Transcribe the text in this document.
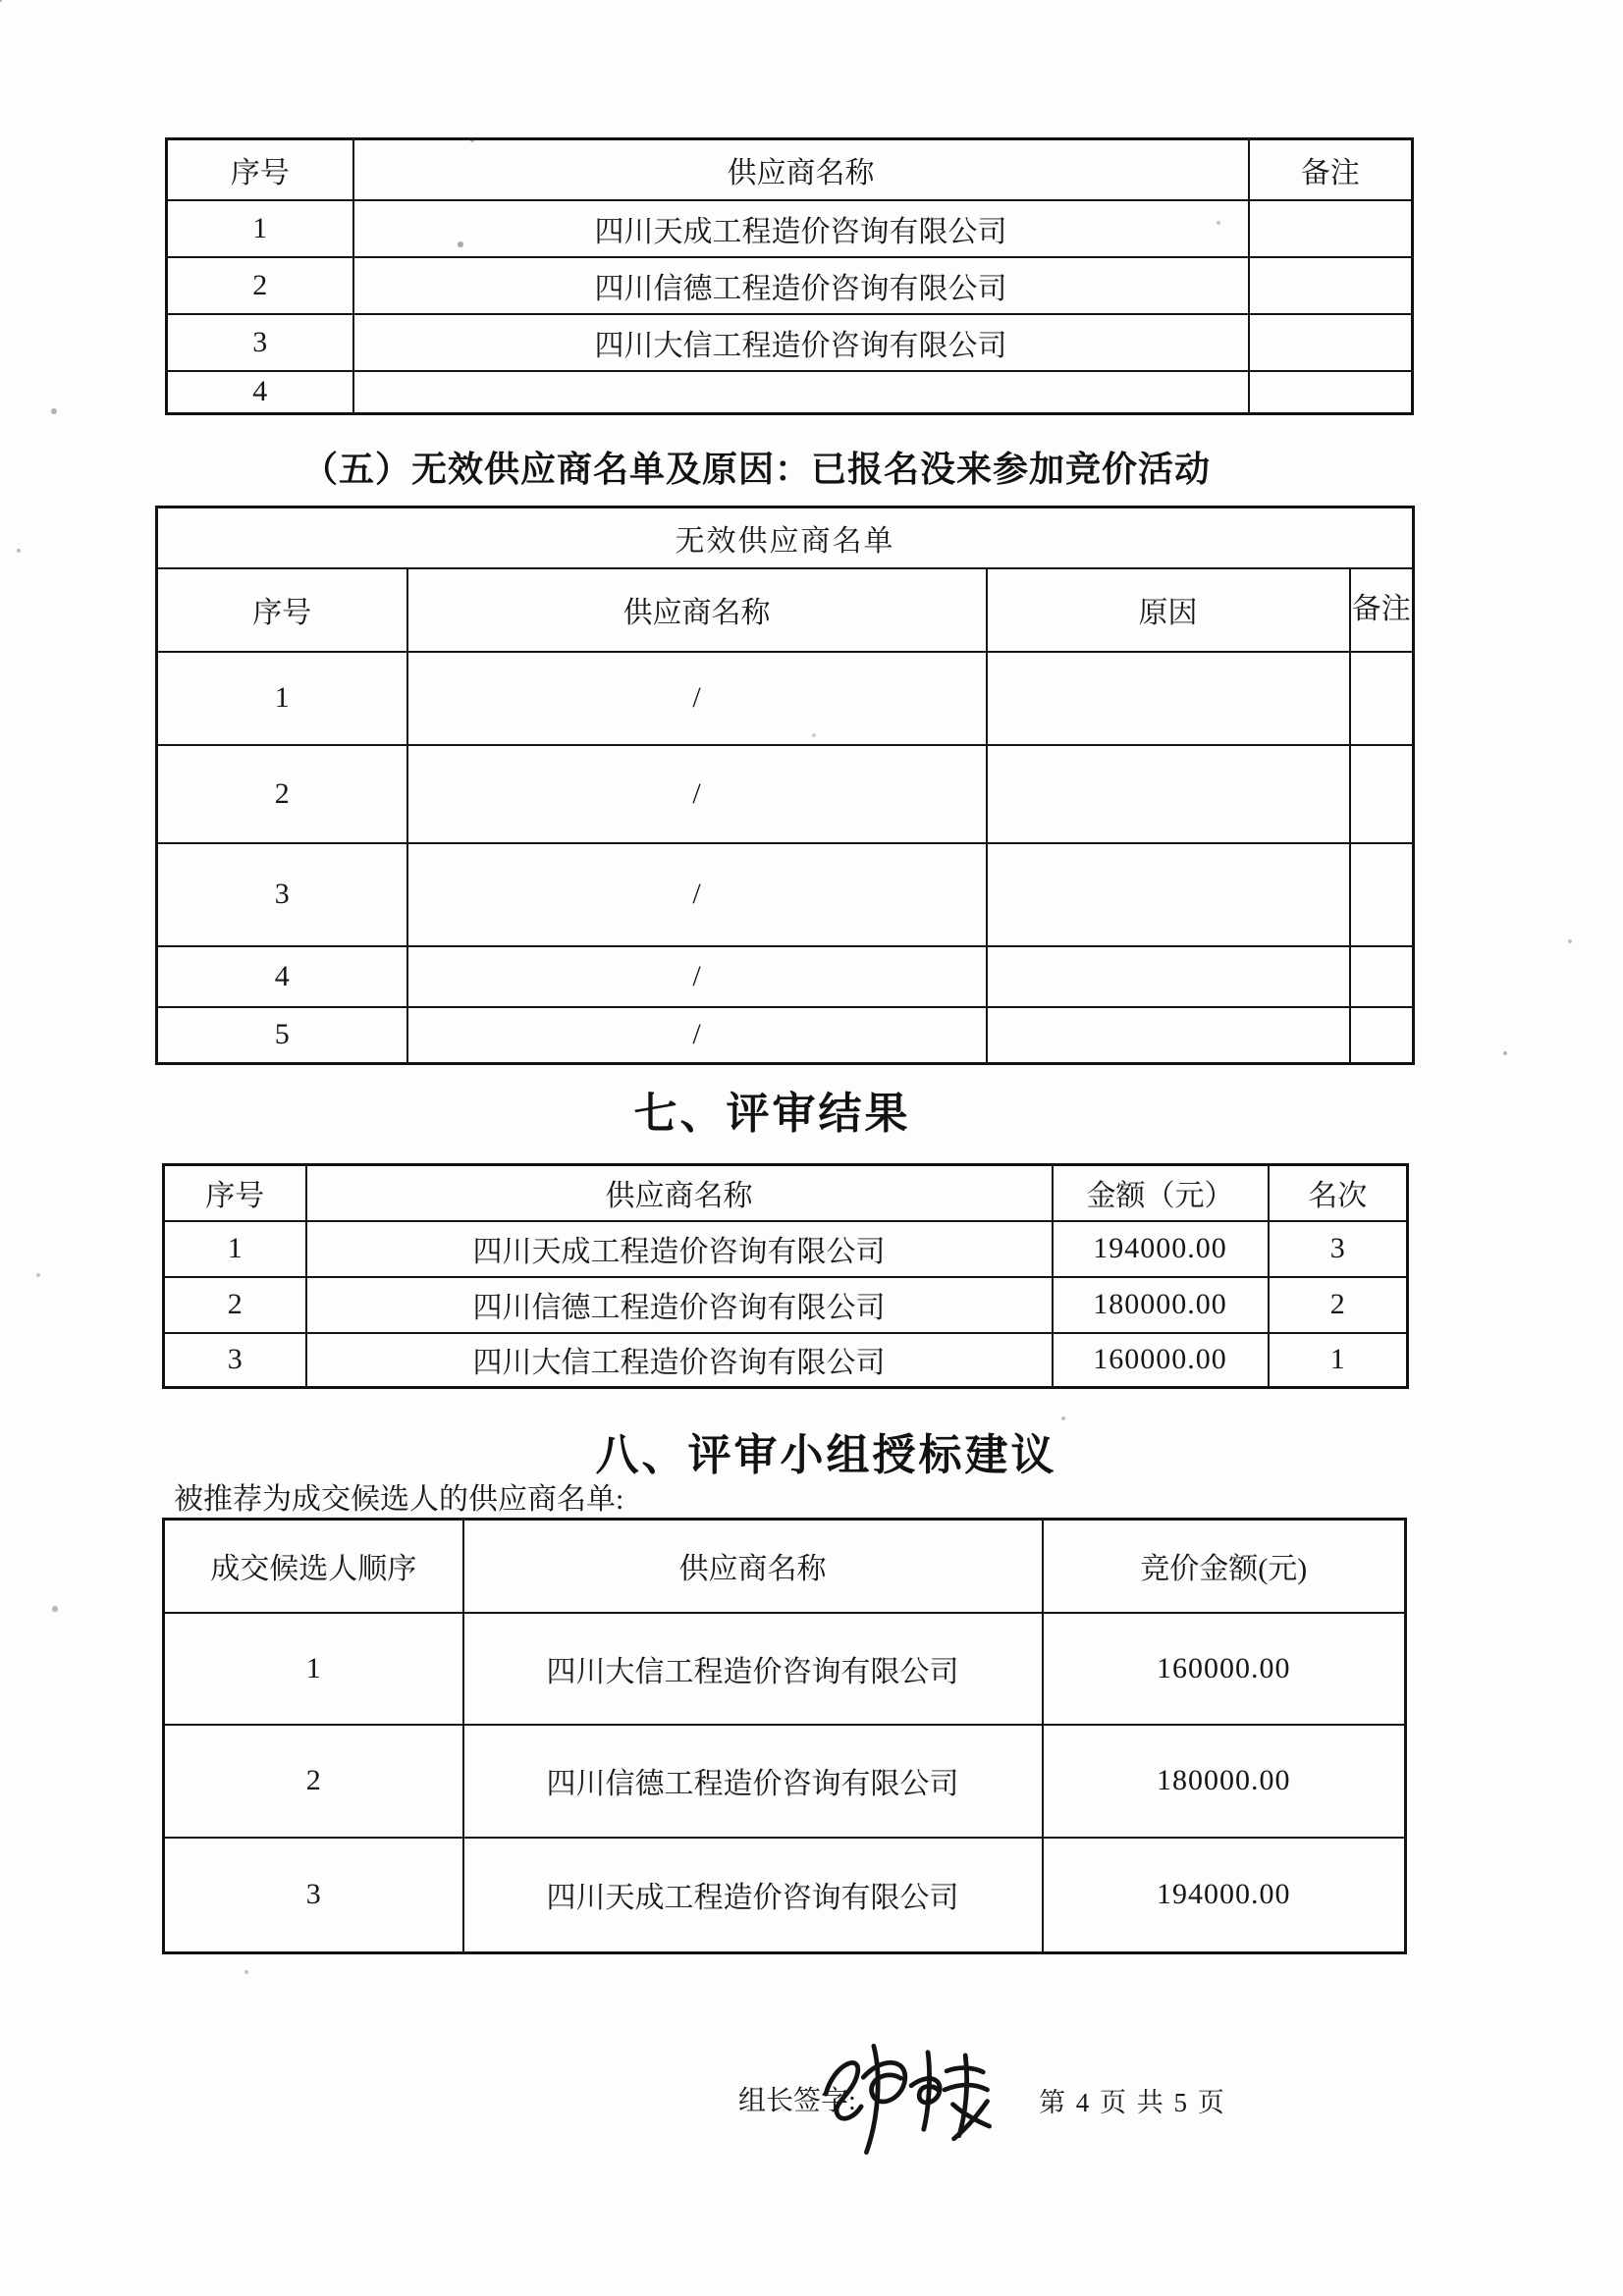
序号	供应商名称	备注
1	四川天成工程造价咨询有限公司	
2	四川信德工程造价咨询有限公司	
3	四川大信工程造价咨询有限公司	
4		
（五）无效供应商名单及原因：已报名没来参加竞价活动
无效供应商名单			
序号	供应商名称	原因	备注
1	/		
2	/		
3	/		
4	/		
5	/		
七、评审结果
序号	供应商名称	金额（元）	名次
1	四川天成工程造价咨询有限公司	194000.00	3
2	四川信德工程造价咨询有限公司	180000.00	2
3	四川大信工程造价咨询有限公司	160000.00	1
八、评审小组授标建议
被推荐为成交候选人的供应商名单:
成交候选人顺序	供应商名称	竞价金额(元)
1	四川大信工程造价咨询有限公司	160000.00
2	四川信德工程造价咨询有限公司	180000.00
3	四川天成工程造价咨询有限公司	194000.00
组长签字:	第 4 页 共 5 页
